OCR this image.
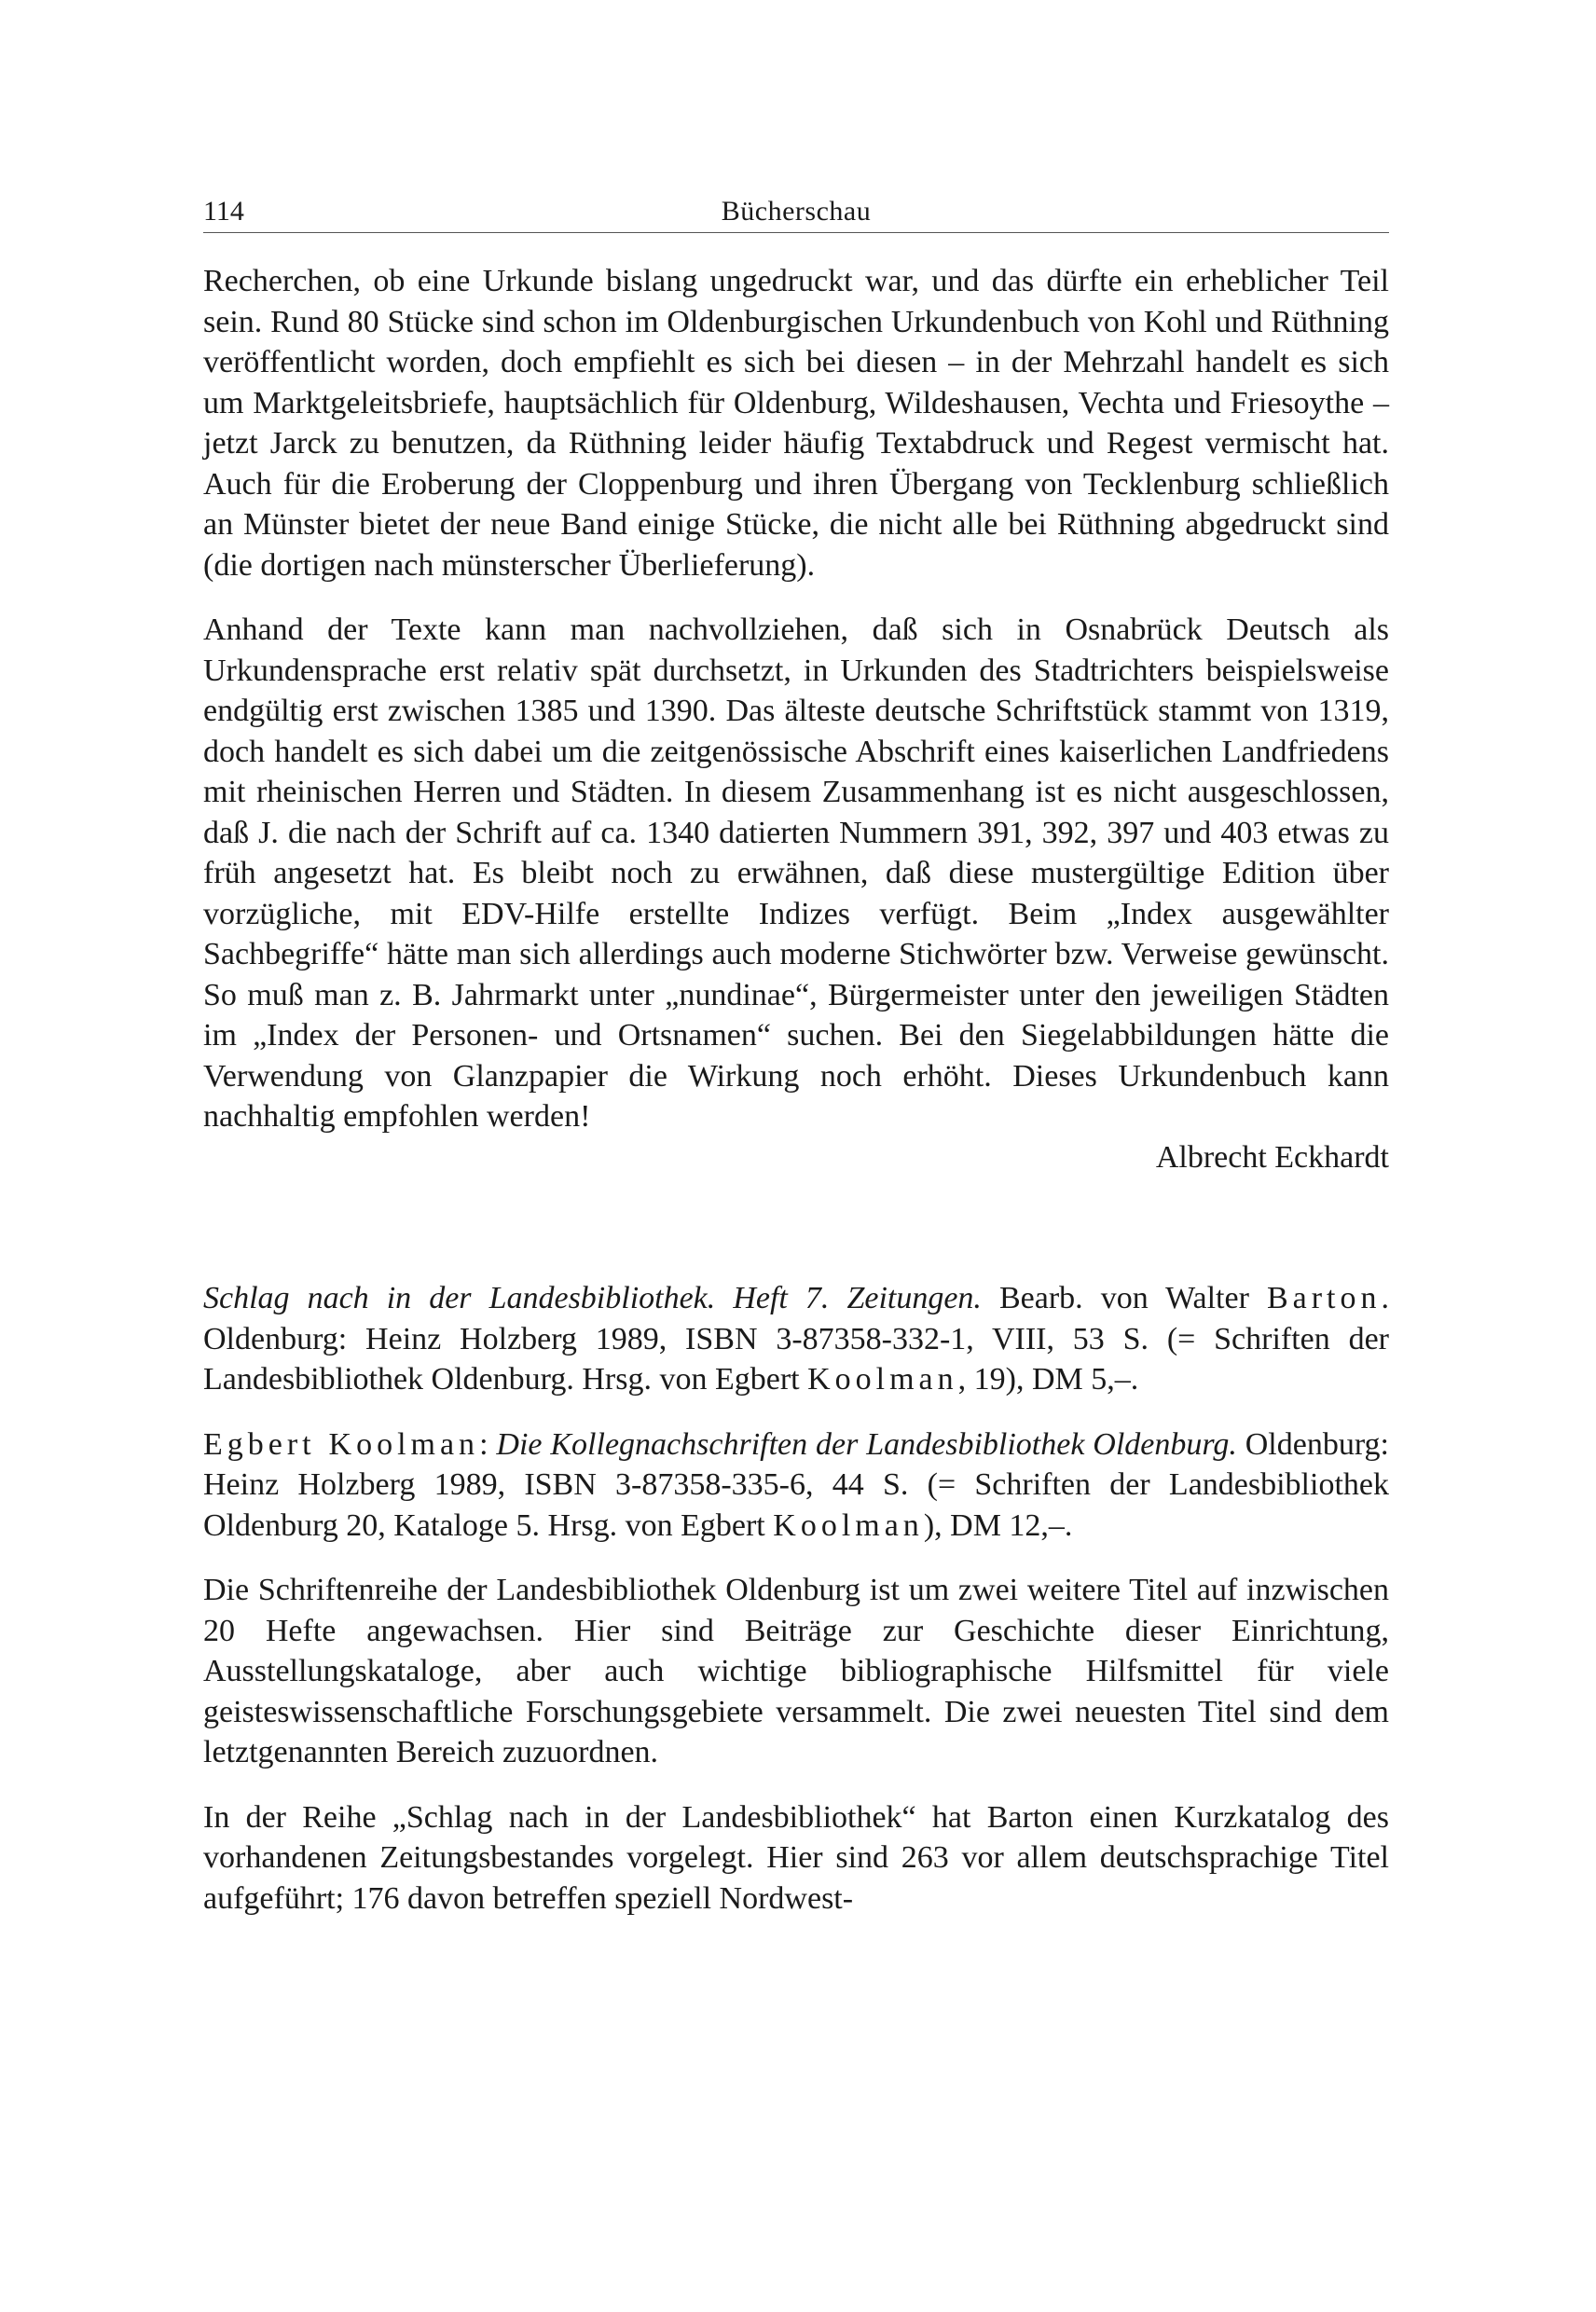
114	Bücherschau

Recherchen, ob eine Urkunde bislang ungedruckt war, und das dürfte ein erheblicher Teil sein. Rund 80 Stücke sind schon im Oldenburgischen Urkundenbuch von Kohl und Rüthning veröffentlicht worden, doch empfiehlt es sich bei diesen – in der Mehrzahl handelt es sich um Marktgeleitsbriefe, hauptsächlich für Oldenburg, Wildeshausen, Vechta und Friesoythe – jetzt Jarck zu benutzen, da Rüthning leider häufig Textabdruck und Regest vermischt hat. Auch für die Eroberung der Cloppenburg und ihren Übergang von Tecklenburg schließlich an Münster bietet der neue Band einige Stücke, die nicht alle bei Rüthning abgedruckt sind (die dortigen nach münsterscher Überlieferung).

Anhand der Texte kann man nachvollziehen, daß sich in Osnabrück Deutsch als Urkundensprache erst relativ spät durchsetzt, in Urkunden des Stadtrichters beispielsweise endgültig erst zwischen 1385 und 1390. Das älteste deutsche Schriftstück stammt von 1319, doch handelt es sich dabei um die zeitgenössische Abschrift eines kaiserlichen Landfriedens mit rheinischen Herren und Städten. In diesem Zusammenhang ist es nicht ausgeschlossen, daß J. die nach der Schrift auf ca. 1340 datierten Nummern 391, 392, 397 und 403 etwas zu früh angesetzt hat. Es bleibt noch zu erwähnen, daß diese mustergültige Edition über vorzügliche, mit EDV-Hilfe erstellte Indizes verfügt. Beim „Index ausgewählter Sachbegriffe“ hätte man sich allerdings auch moderne Stichwörter bzw. Verweise gewünscht. So muß man z. B. Jahrmarkt unter „nundinae“, Bürgermeister unter den jeweiligen Städten im „Index der Personen- und Ortsnamen“ suchen. Bei den Siegelabbildungen hätte die Verwendung von Glanzpapier die Wirkung noch erhöht. Dieses Urkundenbuch kann nachhaltig empfohlen werden!

Albrecht Eckhardt

Schlag nach in der Landesbibliothek. Heft 7. Zeitungen. Bearb. von Walter Barton. Oldenburg: Heinz Holzberg 1989, ISBN 3-87358-332-1, VIII, 53 S. (= Schriften der Landesbibliothek Oldenburg. Hrsg. von Egbert Koolman, 19), DM 5,–.

Egbert Koolman: Die Kollegnachschriften der Landesbibliothek Oldenburg. Oldenburg: Heinz Holzberg 1989, ISBN 3-87358-335-6, 44 S. (= Schriften der Landesbibliothek Oldenburg 20, Kataloge 5. Hrsg. von Egbert Koolman), DM 12,–.

Die Schriftenreihe der Landesbibliothek Oldenburg ist um zwei weitere Titel auf inzwischen 20 Hefte angewachsen. Hier sind Beiträge zur Geschichte dieser Einrichtung, Ausstellungskataloge, aber auch wichtige bibliographische Hilfsmittel für viele geisteswissenschaftliche Forschungsgebiete versammelt. Die zwei neuesten Titel sind dem letztgenannten Bereich zuzuordnen.

In der Reihe „Schlag nach in der Landesbibliothek“ hat Barton einen Kurzkatalog des vorhandenen Zeitungsbestandes vorgelegt. Hier sind 263 vor allem deutschsprachige Titel aufgeführt; 176 davon betreffen speziell Nordwest-
